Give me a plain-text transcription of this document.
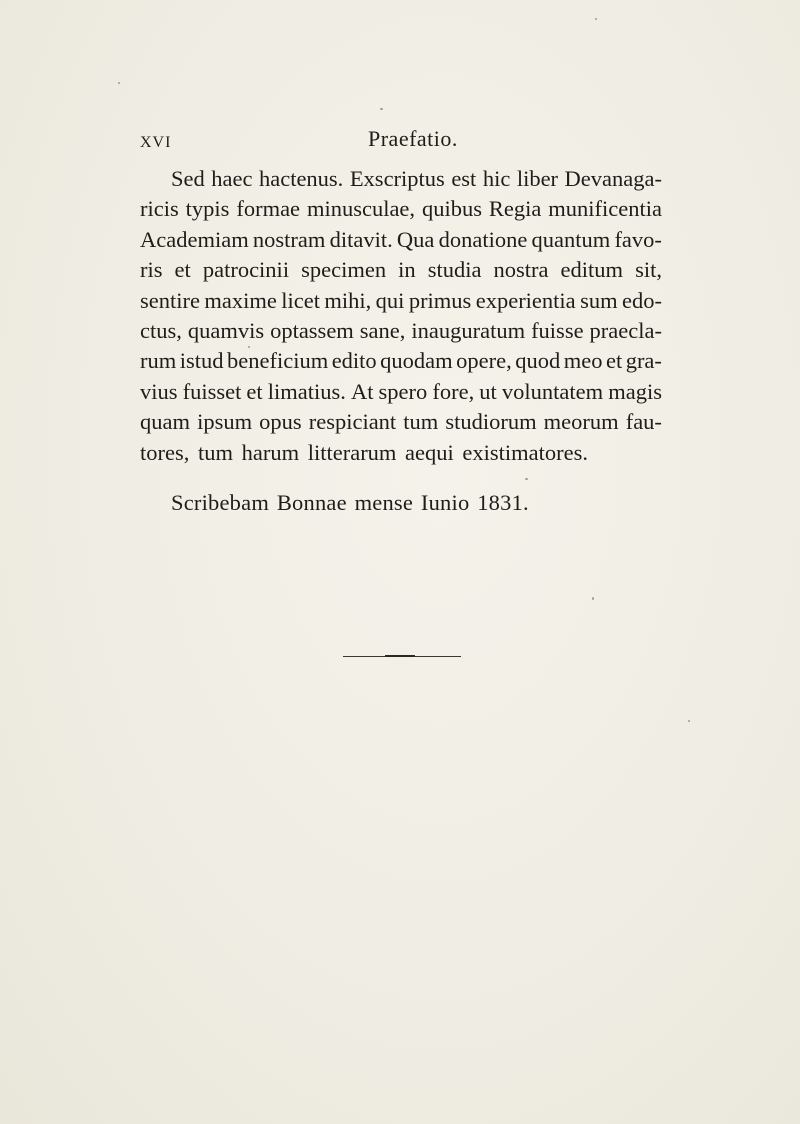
XVI	Praefatio.
Sed haec hactenus. Exscriptus est hic liber Devanaga-
ricis typis formae minusculae, quibus Regia munificentia
Academiam nostram ditavit. Qua donatione quantum favo-
ris et patrocinii specimen in studia nostra editum sit,
sentire maxime licet mihi, qui primus experientia sum edo-
ctus, quamvis optassem sane, inauguratum fuisse praecla-
rum istud beneficium edito quodam opere, quod meo et gra-
vius fuisset et limatius. At spero fore, ut voluntatem magis
quam ipsum opus respiciant tum studiorum meorum fau-
tores, tum harum litterarum aequi existimatores.
Scribebam Bonnae mense Iunio 1831.
